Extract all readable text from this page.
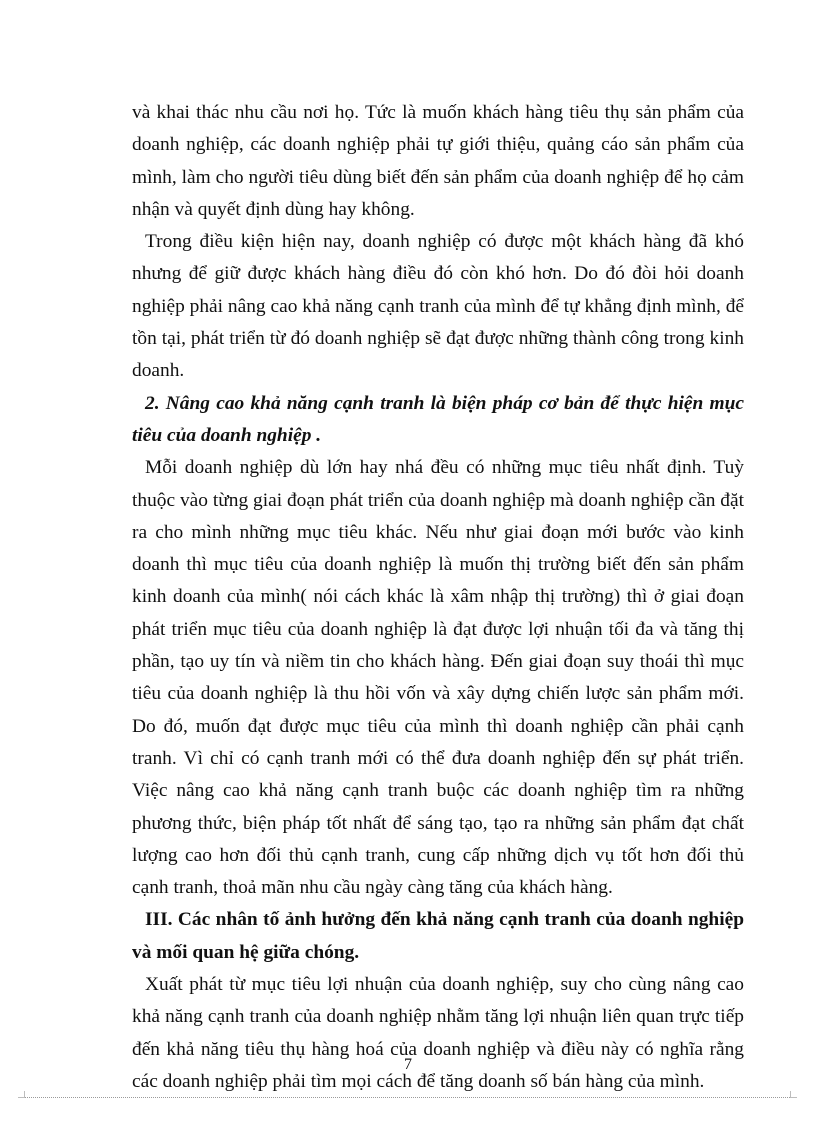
và khai thác nhu cầu nơi họ. Tức là muốn khách hàng tiêu thụ sản phẩm của doanh nghiệp, các doanh nghiệp phải tự giới thiệu, quảng cáo sản phẩm của mình, làm cho người tiêu dùng biết đến sản phẩm của doanh nghiệp để họ cảm nhận và quyết định dùng hay không.

Trong điều kiện hiện nay, doanh nghiệp có được một khách hàng đã khó nhưng để giữ được khách hàng điều đó còn khó hơn. Do đó đòi hỏi doanh nghiệp phải nâng cao khả năng cạnh tranh của mình để tự khẳng định mình, để tồn tại, phát triển từ đó doanh nghiệp sẽ đạt được những thành công trong kinh doanh.

2. Nâng cao khả năng cạnh tranh là biện pháp cơ bản để thực hiện mục tiêu của doanh nghiệp .

Mỗi doanh nghiệp dù lớn hay nhá đều có những mục tiêu nhất định. Tuỳ thuộc vào từng giai đoạn phát triển của doanh nghiệp mà doanh nghiệp cần đặt ra cho mình những mục tiêu khác. Nếu như giai đoạn mới bước vào kinh doanh thì mục tiêu của doanh nghiệp là muốn thị trường biết đến sản phẩm kinh doanh của mình( nói cách khác là xâm nhập thị trường) thì ở giai đoạn phát triển mục tiêu của doanh nghiệp là đạt được lợi nhuận tối đa và tăng thị phần, tạo uy tín và niềm tin cho khách hàng. Đến giai đoạn suy thoái thì mục tiêu của doanh nghiệp là thu hồi vốn và xây dựng chiến lược sản phẩm mới. Do đó, muốn đạt được mục tiêu của mình thì doanh nghiệp cần phải cạnh tranh. Vì chỉ có cạnh tranh mới có thể đưa doanh nghiệp đến sự phát triển. Việc nâng cao khả năng cạnh tranh buộc các doanh nghiệp tìm ra những phương thức, biện pháp tốt nhất để sáng tạo, tạo ra những sản phẩm đạt chất lượng cao hơn đối thủ cạnh tranh, cung cấp những dịch vụ tốt hơn đối thủ cạnh tranh, thoả mãn nhu cầu ngày càng tăng của khách hàng.

III. Các nhân tố ảnh hưởng đến khả năng cạnh tranh của doanh nghiệp và mối quan hệ giữa chóng.

Xuất phát từ mục tiêu lợi nhuận của doanh nghiệp, suy cho cùng nâng cao khả năng cạnh tranh của doanh nghiệp nhằm tăng lợi nhuận liên quan trực tiếp đến khả năng tiêu thụ hàng hoá của doanh nghiệp và điều này có nghĩa rằng các doanh nghiệp phải tìm mọi cách để tăng doanh số bán hàng của mình.

7
